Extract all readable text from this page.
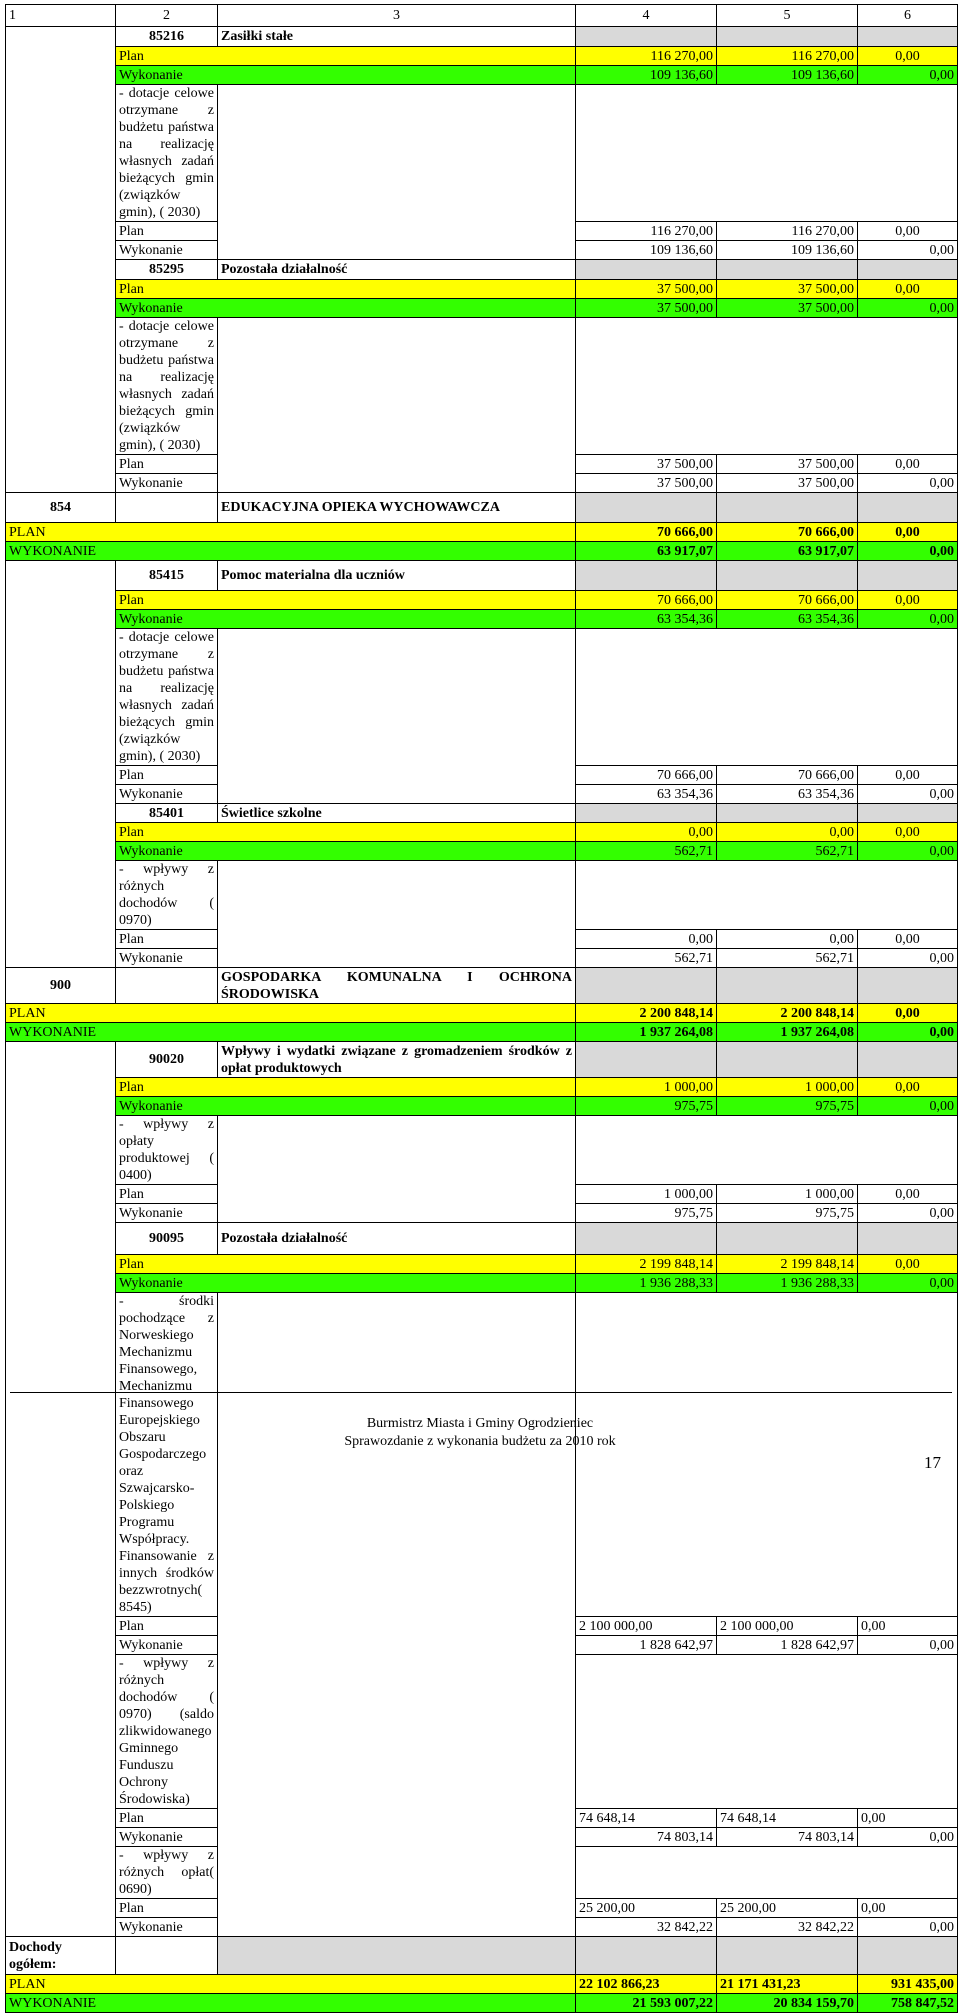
1	2	3	4	5	6
	85216	Zasiłki stałe			
	Plan		116 270,00	116 270,00	0,00
	Wykonanie		109 136,60	109 136,60	0,00
	- dotacje celowe otrzymane z budżetu państwa na realizację własnych zadań bieżących gmin (związków gmin), ( 2030)				
	Plan		116 270,00	116 270,00	0,00
	Wykonanie		109 136,60	109 136,60	0,00
	85295	Pozostała działalność			
	Plan		37 500,00	37 500,00	0,00
	Wykonanie		37 500,00	37 500,00	0,00
	- dotacje celowe otrzymane z budżetu państwa na realizację własnych zadań bieżących gmin (związków gmin), ( 2030)				
	Plan		37 500,00	37 500,00	0,00
	Wykonanie		37 500,00	37 500,00	0,00
854		EDUKACYJNA OPIEKA WYCHOWAWCZA			
PLAN			70 666,00	70 666,00	0,00
WYKONANIE			63 917,07	63 917,07	0,00
	85415	Pomoc materialna dla uczniów			
	Plan		70 666,00	70 666,00	0,00
	Wykonanie		63 354,36	63 354,36	0,00
	- dotacje celowe otrzymane z budżetu państwa na realizację własnych zadań bieżących gmin (związków gmin), ( 2030)				
	Plan		70 666,00	70 666,00	0,00
	Wykonanie		63 354,36	63 354,36	0,00
	85401	Świetlice szkolne			
	Plan		0,00	0,00	0,00
	Wykonanie		562,71	562,71	0,00
	- wpływy z różnych dochodów ( 0970)				
	Plan		0,00	0,00	0,00
	Wykonanie		562,71	562,71	0,00
900		GOSPODARKA KOMUNALNA I OCHRONA ŚRODOWISKA			
PLAN			2 200 848,14	2 200 848,14	0,00
WYKONANIE			1 937 264,08	1 937 264,08	0,00
	90020	Wpływy i wydatki związane z gromadzeniem środków z opłat produktowych			
	Plan		1 000,00	1 000,00	0,00
	Wykonanie		975,75	975,75	0,00
	- wpływy z opłaty produktowej ( 0400)				
	Plan		1 000,00	1 000,00	0,00
	Wykonanie		975,75	975,75	0,00
	90095	Pozostała działalność			
	Plan		2 199 848,14	2 199 848,14	0,00
	Wykonanie		1 936 288,33	1 936 288,33	0,00
	- środki pochodzące z Norweskiego Mechanizmu Finansowego, Mechanizmu Finansowego Europejskiego Obszaru Gospodarczego oraz Szwajcarsko-Polskiego Programu Współpracy. Finansowanie z innych środków bezzwrotnych( 8545)				
	Plan		2 100 000,00	2 100 000,00	0,00
	Wykonanie		1 828 642,97	1 828 642,97	0,00
	- wpływy z różnych dochodów ( 0970) (saldo zlikwidowanego Gminnego Funduszu Ochrony Środowiska)				
	Plan		74 648,14	74 648,14	0,00
	Wykonanie		74 803,14	74 803,14	0,00
	- wpływy z różnych opłat( 0690)				
	Plan		25 200,00	25 200,00	0,00
	Wykonanie		32 842,22	32 842,22	0,00
Dochody ogółem:					
PLAN			22 102 866,23	21 171 431,23	931 435,00
WYKONANIE			21 593 007,22	20 834 159,70	758 847,52
Burmistrz Miasta i Gminy Ogrodzieniec
Sprawozdanie z wykonania budżetu za 2010 rok
17
